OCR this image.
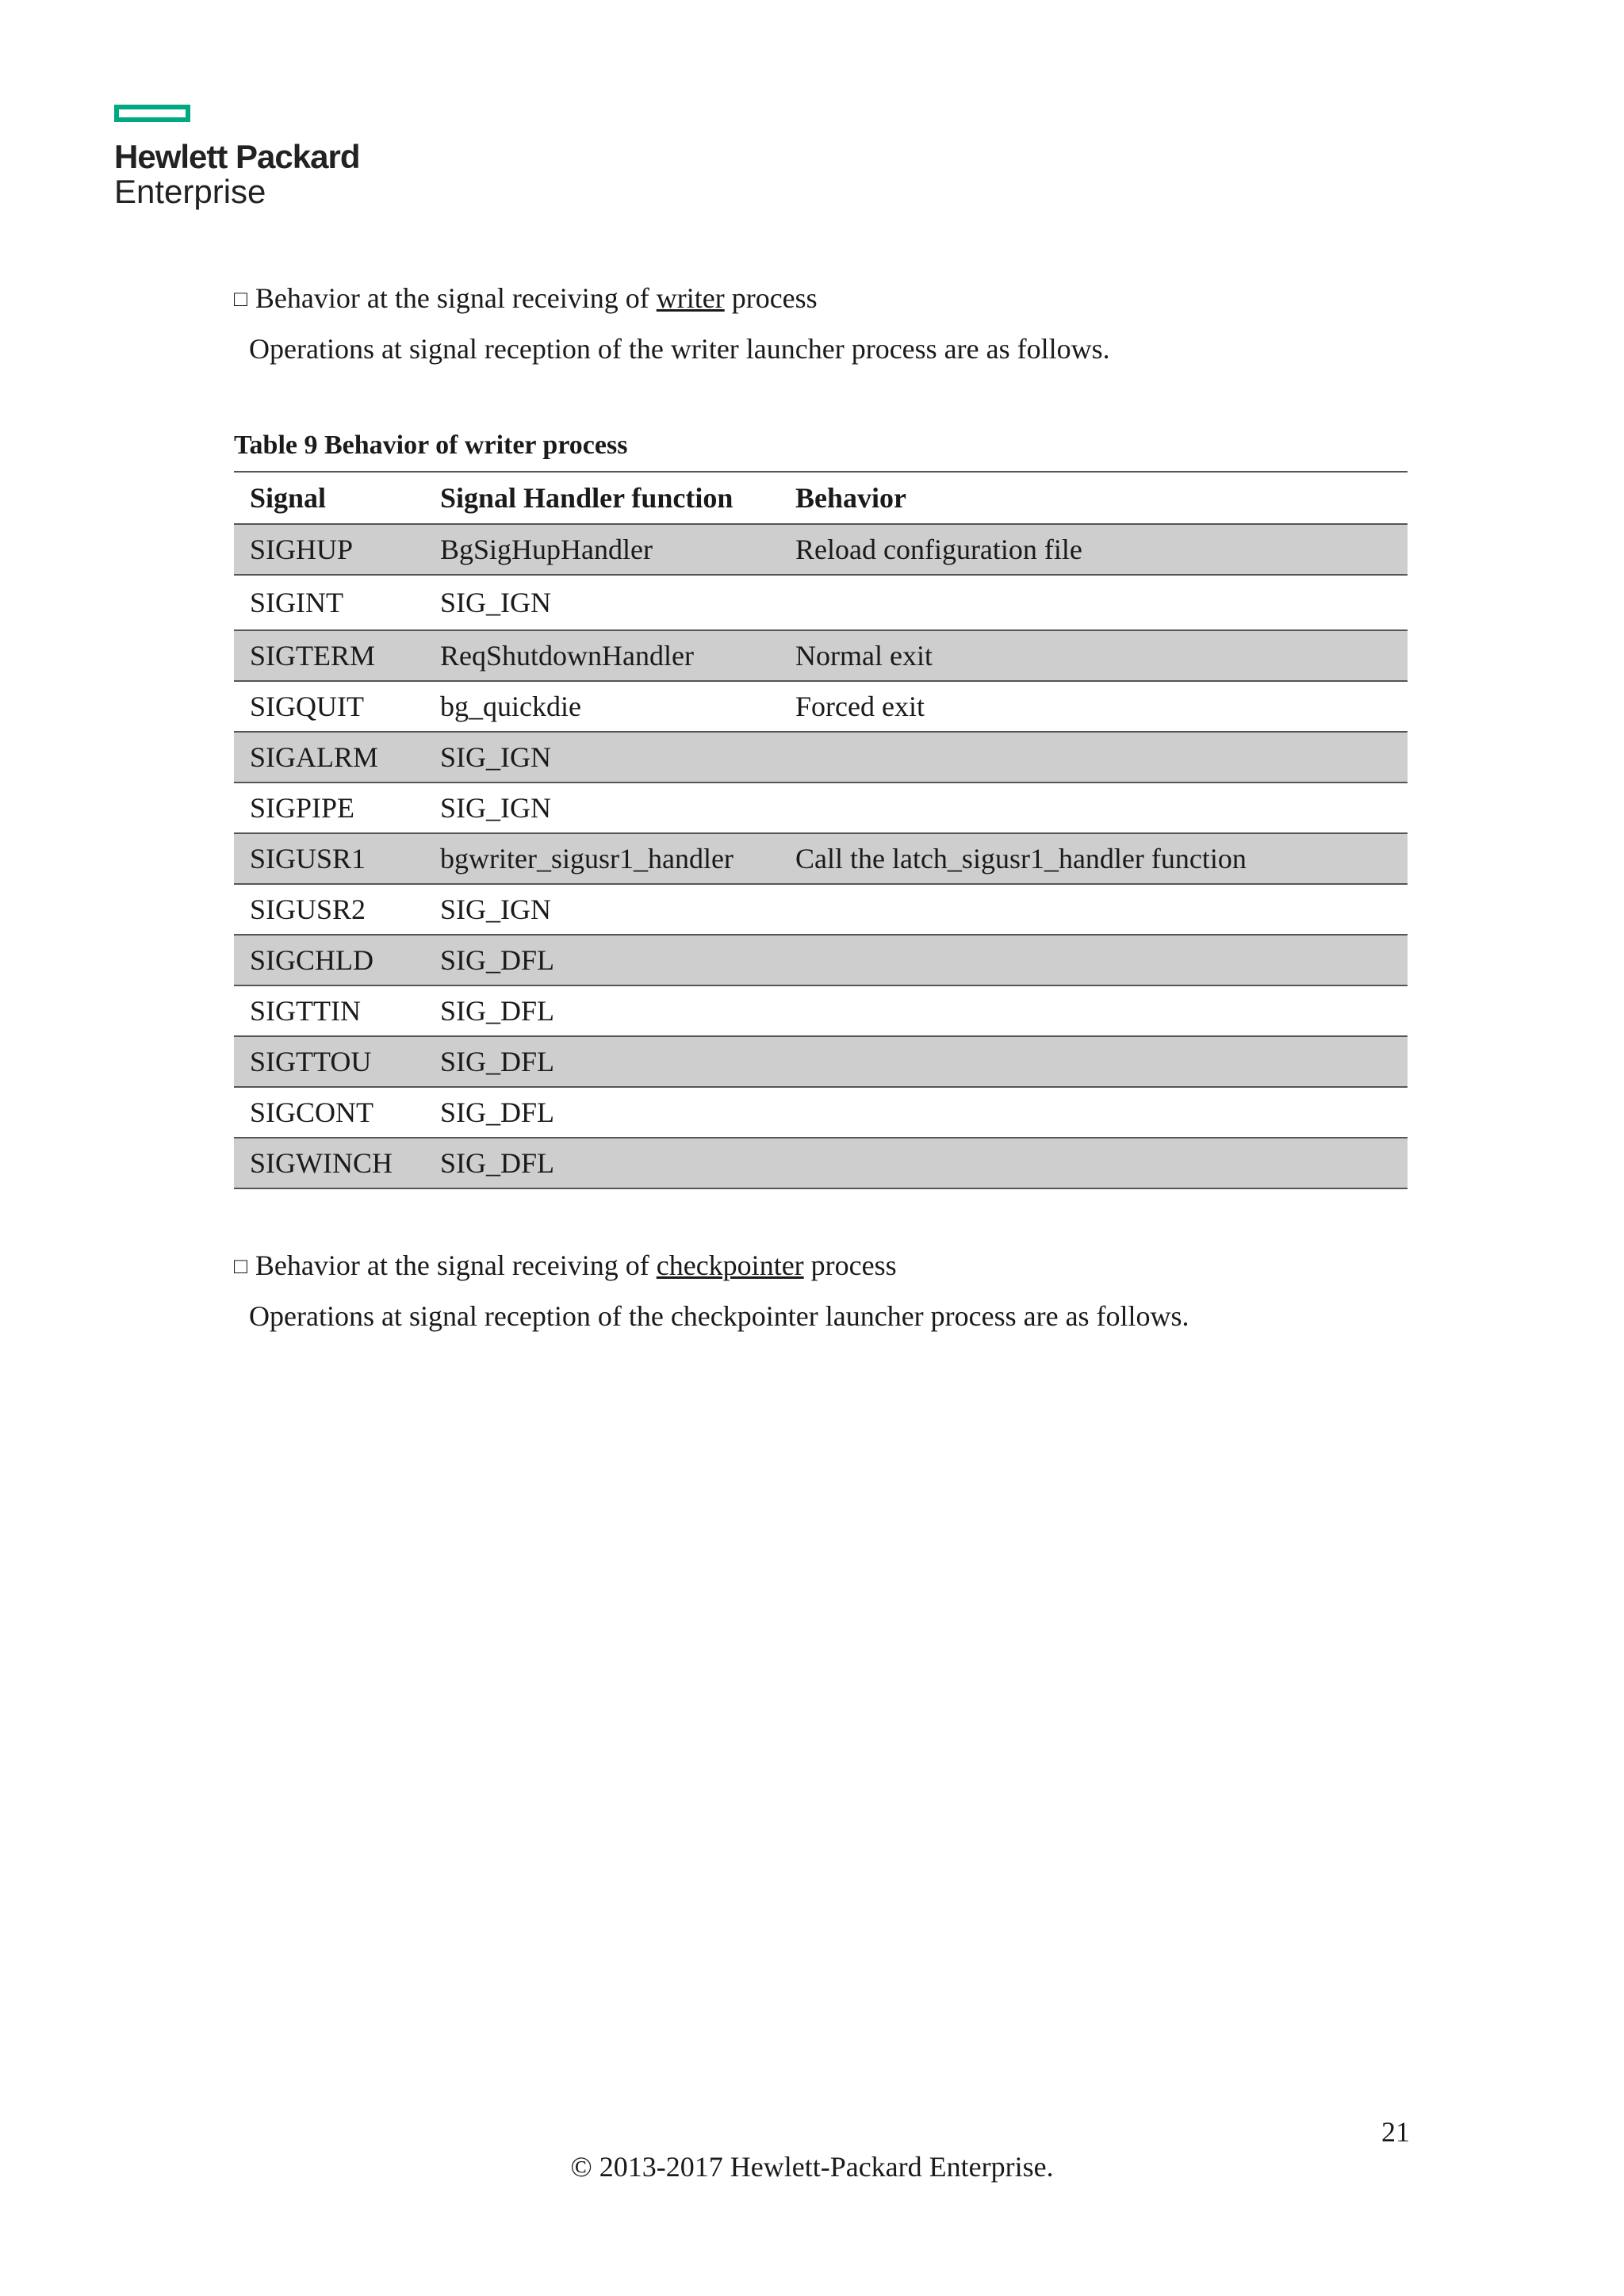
Hewlett Packard
Enterprise
□ Behavior at the signal receiving of writer process
Operations at signal reception of the writer launcher process are as follows.
Table 9 Behavior of writer process
Signal	Signal Handler function	Behavior
SIGHUP	BgSigHupHandler	Reload configuration file
SIGINT	SIG_IGN	
SIGTERM	ReqShutdownHandler	Normal exit
SIGQUIT	bg_quickdie	Forced exit
SIGALRM	SIG_IGN	
SIGPIPE	SIG_IGN	
SIGUSR1	bgwriter_sigusr1_handler	Call the latch_sigusr1_handler function
SIGUSR2	SIG_IGN	
SIGCHLD	SIG_DFL	
SIGTTIN	SIG_DFL	
SIGTTOU	SIG_DFL	
SIGCONT	SIG_DFL	
SIGWINCH	SIG_DFL	
□ Behavior at the signal receiving of checkpointer process
Operations at signal reception of the checkpointer launcher process are as follows.
21
© 2013-2017 Hewlett-Packard Enterprise.
